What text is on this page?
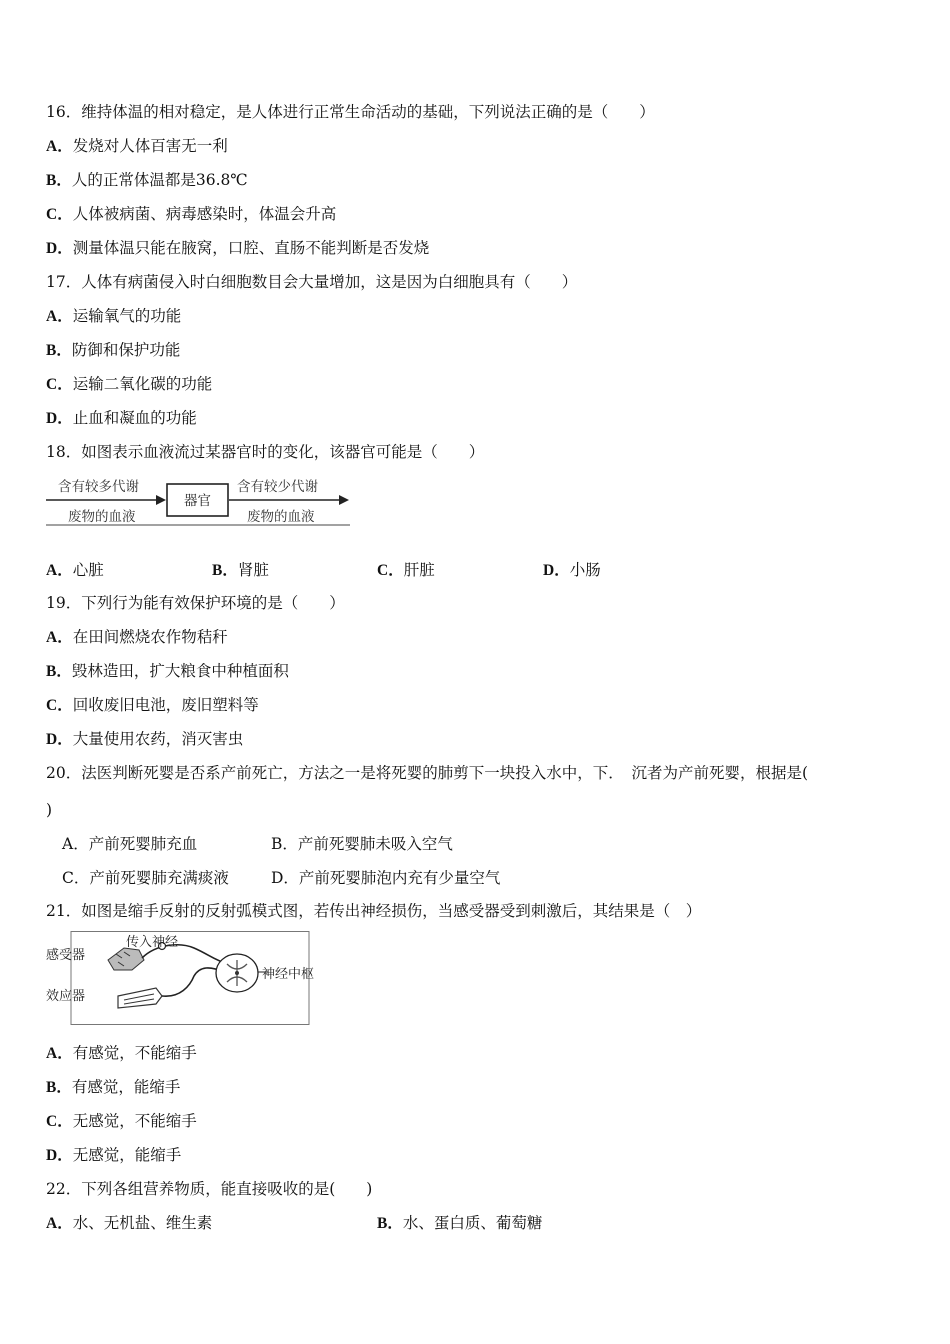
16．维持体温的相对稳定，是人体进行正常生命活动的基础，下列说法正确的是（　　）
A．发烧对人体百害无一利
B．人的正常体温都是36.8℃
C．人体被病菌、病毒感染时，体温会升高
D．测量体温只能在腋窝，口腔、直肠不能判断是否发烧
17．人体有病菌侵入时白细胞数目会大量增加，这是因为白细胞具有（　　）
A．运输氧气的功能
B．防御和保护功能
C．运输二氧化碳的功能
D．止血和凝血的功能
18．如图表示血液流过某器官时的变化，该器官可能是（　　）
含有较多代谢
废物的血液
器官
含有较少代谢
废物的血液
A．心脏	B．肾脏	C．肝脏	D．小肠
19．下列行为能有效保护环境的是（　　）
A．在田间燃烧农作物秸秆
B．毁林造田，扩大粮食中种植面积
C．回收废旧电池，废旧塑料等
D．大量使用农药，消灭害虫
20．法医判断死婴是否系产前死亡，方法之一是将死婴的肺剪下一块投入水中，下．　沉者为产前死婴，根据是(
)
A．产前死婴肺充血	B．产前死婴肺未吸入空气
C．产前死婴肺充满痰液	D．产前死婴肺泡内充有少量空气
21．如图是缩手反射的反射弧模式图，若传出神经损伤，当感受器受到刺激后，其结果是（　）
传入神经
感受器
效应器
神经中枢
A．有感觉，不能缩手
B．有感觉，能缩手
C．无感觉，不能缩手
D．无感觉，能缩手
22．下列各组营养物质，能直接吸收的是(　　)
A．水、无机盐、维生素	B．水、蛋白质、葡萄糖
